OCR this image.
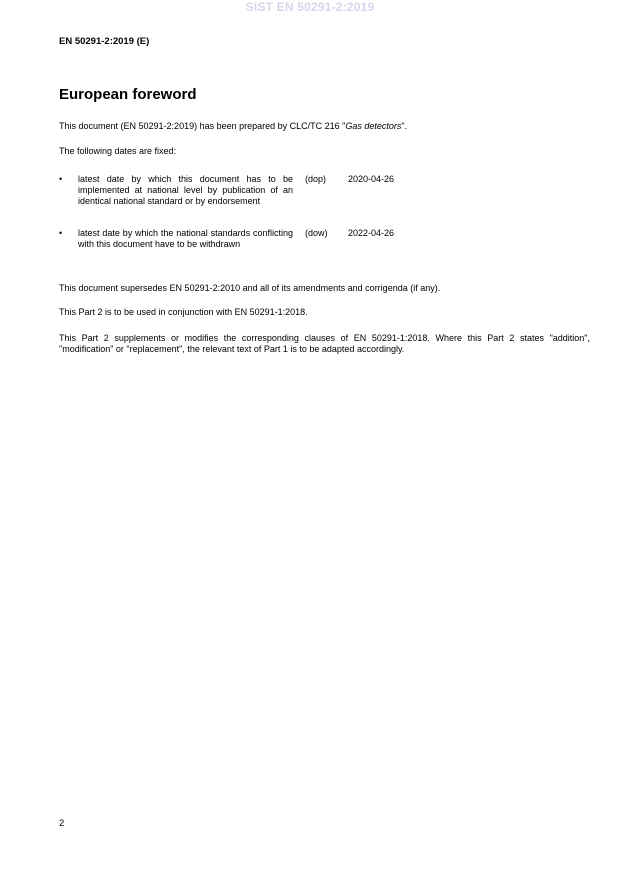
SIST EN 50291-2:2019
EN 50291-2:2019 (E)
European foreword

This document (EN 50291-2:2019) has been prepared by CLC/TC 216 "Gas detectors".

The following dates are fixed:

• latest date by which this document has to be implemented at national level by publication of an identical national standard or by endorsement
(dop) 2020-04-26
• latest date by which the national standards conflicting with this document have to be withdrawn
(dow) 2022-04-26

This document supersedes EN 50291-2:2010 and all of its amendments and corrigenda (if any).

This Part 2 is to be used in conjunction with EN 50291-1:2018.

This Part 2 supplements or modifies the corresponding clauses of EN 50291-1:2018. Where this Part 2 states "addition", "modification" or "replacement", the relevant text of Part 1 is to be adapted accordingly.

2
